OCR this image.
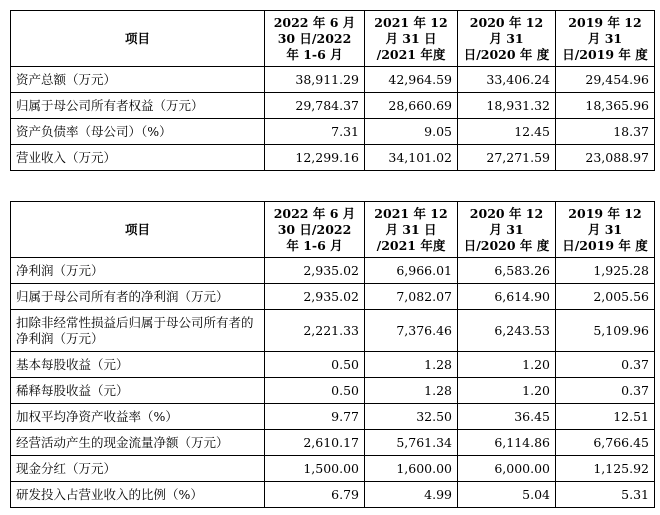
项目	2022 年 6 月 30 日/2022 年 1-6 月	2021 年 12 月 31 日 /2021 年度	2020 年 12 月 31 日/2020 年 度	2019 年 12 月 31 日/2019 年 度
资产总额（万元）	38,911.29	42,964.59	33,406.24	29,454.96
归属于母公司所有者权益（万元）	29,784.37	28,660.69	18,931.32	18,365.96
资产负债率（母公司）（%）	7.31	9.05	12.45	18.37
营业收入（万元）	12,299.16	34,101.02	27,271.59	23,088.97
项目	2022 年 6 月 30 日/2022 年 1-6 月	2021 年 12 月 31 日 /2021 年度	2020 年 12 月 31 日/2020 年 度	2019 年 12 月 31 日/2019 年 度
净利润（万元）	2,935.02	6,966.01	6,583.26	1,925.28
归属于母公司所有者的净利润（万元）	2,935.02	7,082.07	6,614.90	2,005.56
扣除非经常性损益后归属于母公司所有者的净利润（万元）	2,221.33	7,376.46	6,243.53	5,109.96
基本每股收益（元）	0.50	1.28	1.20	0.37
稀释每股收益（元）	0.50	1.28	1.20	0.37
加权平均净资产收益率（%）	9.77	32.50	36.45	12.51
经营活动产生的现金流量净额（万元）	2,610.17	5,761.34	6,114.86	6,766.45
现金分红（万元）	1,500.00	1,600.00	6,000.00	1,125.92
研发投入占营业收入的比例（%）	6.79	4.99	5.04	5.31
